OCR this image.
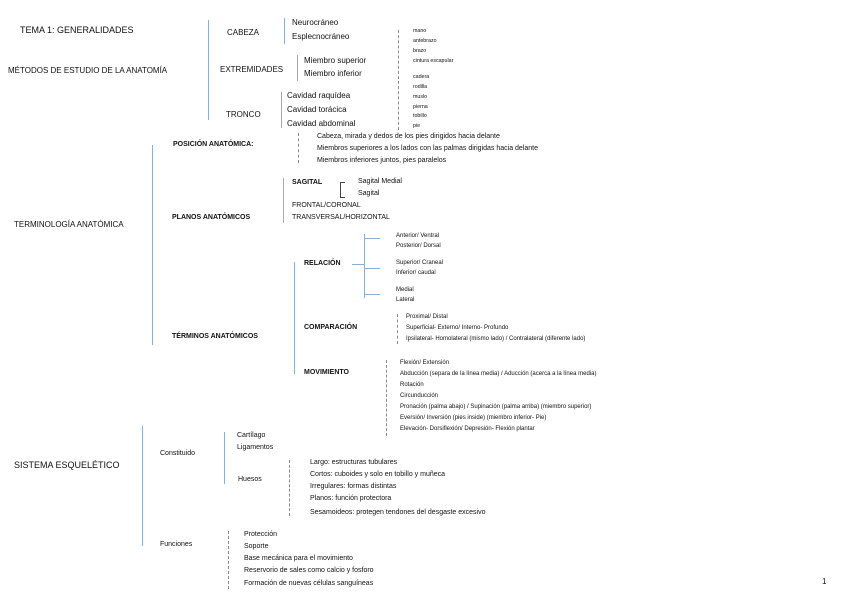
TEMA 1: GENERALIDADES
MÉTODOS DE ESTUDIO DE LA ANATOMÍA
TERMINOLOGÍA ANATÓMICA
SISTEMA ESQUELÉTICO
CABEZA
Neurocráneo
Esplecnocráneo
EXTREMIDADES
Miembro superior
Miembro inferior
TRONCO
Cavidad raquídea
Cavidad torácica
Cavidad abdominal
mano
antebrazo
brazo
cintura escapular
cadera
rodilla
muslo
pierna
tobillo
pie
POSICIÓN ANATÓMICA:
Cabeza, mirada y dedos de los pies dirigidos hacia delante
Miembros superiores a los lados con las palmas dirigidas hacia delante
Miembros inferiores juntos, pies paralelos
PLANOS ANATÓMICOS
SAGITAL	Sagital Medial
Sagital
FRONTAL/CORONAL
TRANSVERSAL/HORIZONTAL
TÉRMINOS ANATÓMICOS
RELACIÓN
Anterior/ Ventral
Posterior/ Dorsal
Superior/ Craneal
Inferior/ caudal
Medial
Lateral
COMPARACIÓN
Proximal/ Distal
Superficial- Externo/ Interno- Profundo
Ipsilateral- Homolateral (mismo lado) / Contralateral (diferente lado)
MOVIMIENTO
Flexión/ Extensión
Abducción (separa de la línea media) / Aducción (acerca a la línea media)
Rotación
Circunducción
Pronación (palma abajo) / Supinación (palma arriba) (miembro superior)
Eversión/ Inversión (pies inside) (miembro inferior- Pie)
Elevación- Dorsiflexión/ Depresión- Flexión plantar
Constituido
Cartílago
Ligamentos
Huesos
Largo: estructuras tubulares
Cortos: cuboides y solo en tobillo y muñeca
Irregulares: formas distintas
Planos: función protectora
Sesamoideos: protegen tendones del desgaste excesivo
Funciones
Protección
Soporte
Base mecánica para el movimiento
Reservorio de sales como calcio y fosforo
Formación de nuevas células sanguíneas	1
